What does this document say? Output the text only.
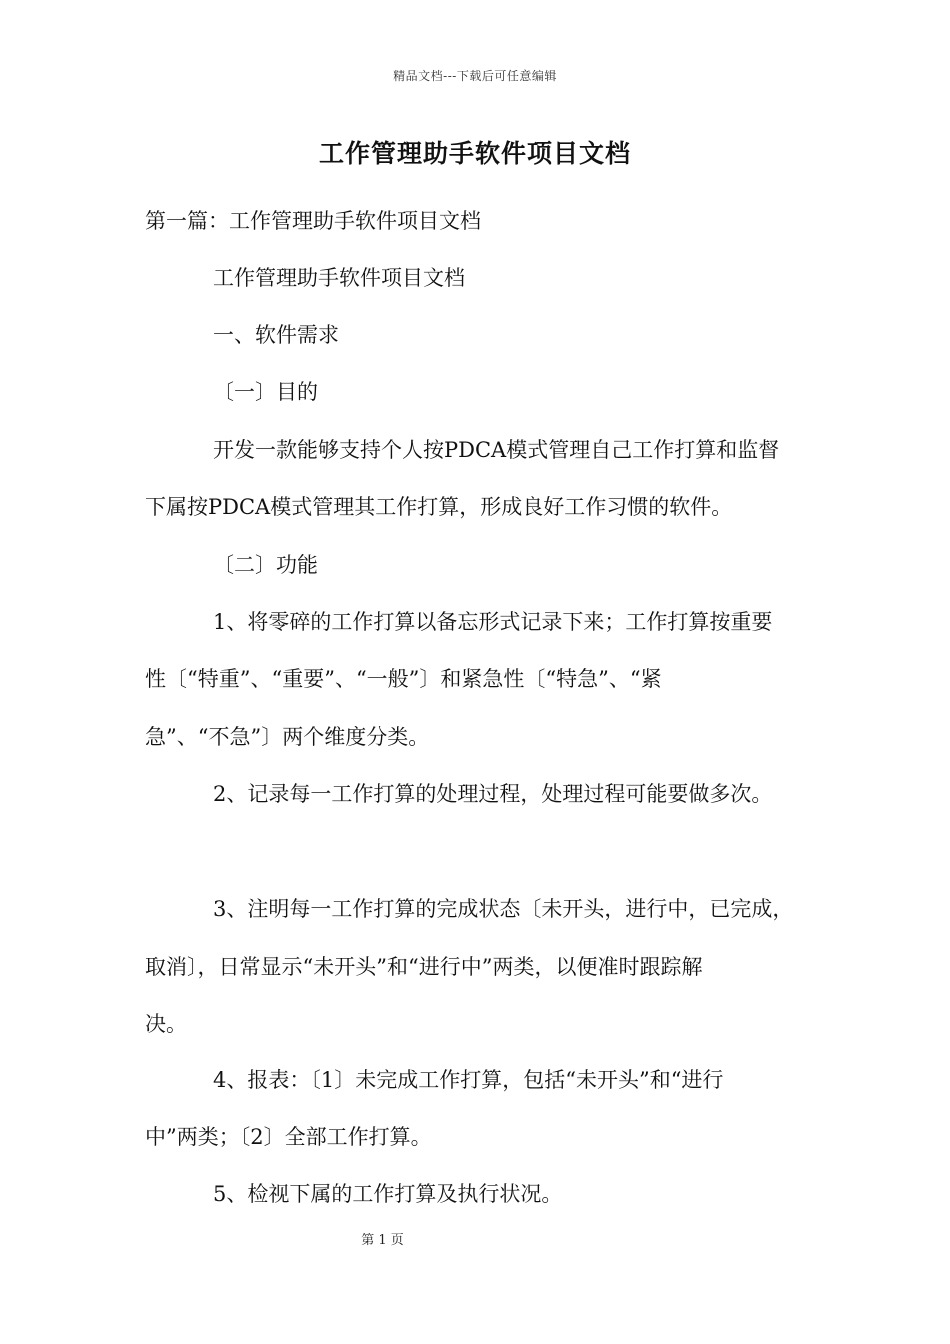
精品文档---下载后可任意编辑
工作管理助手软件项目文档
第一篇：工作管理助手软件项目文档
工作管理助手软件项目文档
一、软件需求
〔一〕目的
开发一款能够支持个人按PDCA模式管理自己工作打算和监督
下属按PDCA模式管理其工作打算，形成良好工作习惯的软件。
〔二〕功能
1、将零碎的工作打算以备忘形式记录下来；工作打算按重要
性〔“特重”、“重要”、“一般”〕和紧急性〔“特急”、“紧
急”、“不急”〕两个维度分类。
2、记录每一工作打算的处理过程，处理过程可能要做多次。
3、注明每一工作打算的完成状态〔未开头，进行中，已完成，
取消〕，日常显示“未开头”和“进行中”两类，以便准时跟踪解
决。
4、报表：〔1〕未完成工作打算，包括“未开头”和“进行
中”两类；〔2〕全部工作打算。
5、检视下属的工作打算及执行状况。
第 1 页
